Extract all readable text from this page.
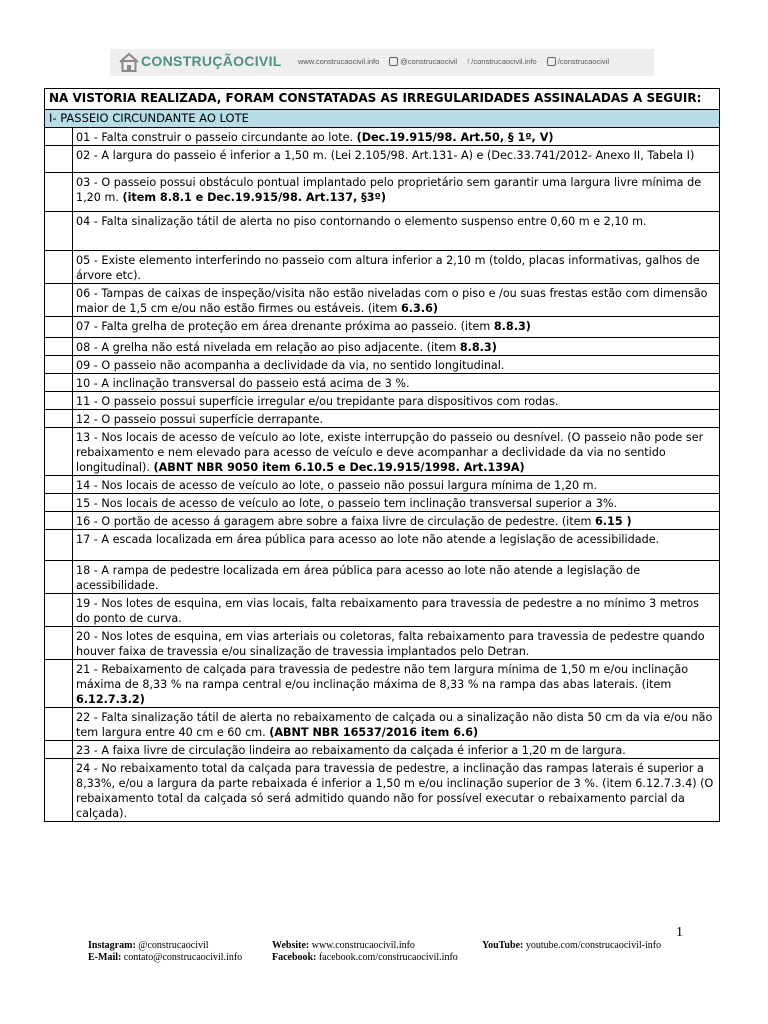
CONSTRUÇÃOCIVIL www.construcaocivil.info	@construcaocivil f /construcaocivil.info	/construcaocivil
NA VISTORIA REALIZADA, FORAM CONSTATADAS AS IRREGULARIDADES ASSINALADAS A SEGUIR:	
I- PASSEIO CIRCUNDANTE AO LOTE	
	01 - Falta construir o passeio circundante ao lote. (Dec.19.915/98. Art.50, § 1º, V)
	02 - A largura do passeio é inferior a 1,50 m. (Lei 2.105/98. Art.131- A) e (Dec.33.741/2012- Anexo II, Tabela I)
	03 - O passeio possui obstáculo pontual implantado pelo proprietário sem garantir uma largura livre mínima de 1,20 m. (item 8.8.1 e Dec.19.915/98. Art.137, §3º)
	04 - Falta sinalização tátil de alerta no piso contornando o elemento suspenso entre 0,60 m e 2,10 m.
	05 - Existe elemento interferindo no passeio com altura inferior a 2,10 m (toldo, placas informativas, galhos de árvore etc).
	06 - Tampas de caixas de inspeção/visita não estão niveladas com o piso e /ou suas frestas estão com dimensão maior de 1,5 cm e/ou não estão firmes ou estáveis. (item 6.3.6)
	07 - Falta grelha de proteção em área drenante próxima ao passeio. (item 8.8.3)
	08 - A grelha não está nivelada em relação ao piso adjacente. (item 8.8.3)
	09 - O passeio não acompanha a declividade da via, no sentido longitudinal.
	10 - A inclinação transversal do passeio está acima de 3 %.
	11 - O passeio possui superfície irregular e/ou trepidante para dispositivos com rodas.
	12 - O passeio possui superfície derrapante.
	13 - Nos locais de acesso de veículo ao lote, existe interrupção do passeio ou desnível. (O passeio não pode ser rebaixamento e nem elevado para acesso de veículo e deve acompanhar a declividade da via no sentido longitudinal). (ABNT NBR 9050 item 6.10.5 e Dec.19.915/1998. Art.139A)
	14 - Nos locais de acesso de veículo ao lote, o passeio não possui largura mínima de 1,20 m.
	15 - Nos locais de acesso de veículo ao lote, o passeio tem inclinação transversal superior a 3%.
	16 - O portão de acesso á garagem abre sobre a faixa livre de circulação de pedestre. (item 6.15 )
	17 - A escada localizada em área pública para acesso ao lote não atende a legislação de acessibilidade.
	18 - A rampa de pedestre localizada em área pública para acesso ao lote não atende a legislação de acessibilidade.
	19 - Nos lotes de esquina, em vias locais, falta rebaixamento para travessia de pedestre a no mínimo 3 metros do ponto de curva.
	20 - Nos lotes de esquina, em vias arteriais ou coletoras, falta rebaixamento para travessia de pedestre quando houver faixa de travessia e/ou sinalização de travessia implantados pelo Detran.
	21 - Rebaixamento de calçada para travessia de pedestre não tem largura mínima de 1,50 m e/ou inclinação máxima de 8,33 % na rampa central e/ou inclinação máxima de 8,33 % na rampa das abas laterais. (item 6.12.7.3.2)
	22 - Falta sinalização tátil de alerta no rebaixamento de calçada ou a sinalização não dista 50 cm da via e/ou não tem largura entre 40 cm e 60 cm. (ABNT NBR 16537/2016 item 6.6)
	23 - A faixa livre de circulação lindeira ao rebaixamento da calçada é inferior a 1,20 m de largura.
	24 - No rebaixamento total da calçada para travessia de pedestre, a inclinação das rampas laterais é superior a 8,33%, e/ou a largura da parte rebaixada é inferior a 1,50 m e/ou inclinação superior de 3 %. (item 6.12.7.3.4) (O rebaixamento total da calçada só será admitido quando não for possível executar o rebaixamento parcial da calçada).
1
Instagram: @construcaocivil
E-Mail: contato@construcaocivil.info
Website: www.construcaocivil.info
Facebook: facebook.com/construcaocivil.info
YouTube: youtube.com/construcaocivil-info
